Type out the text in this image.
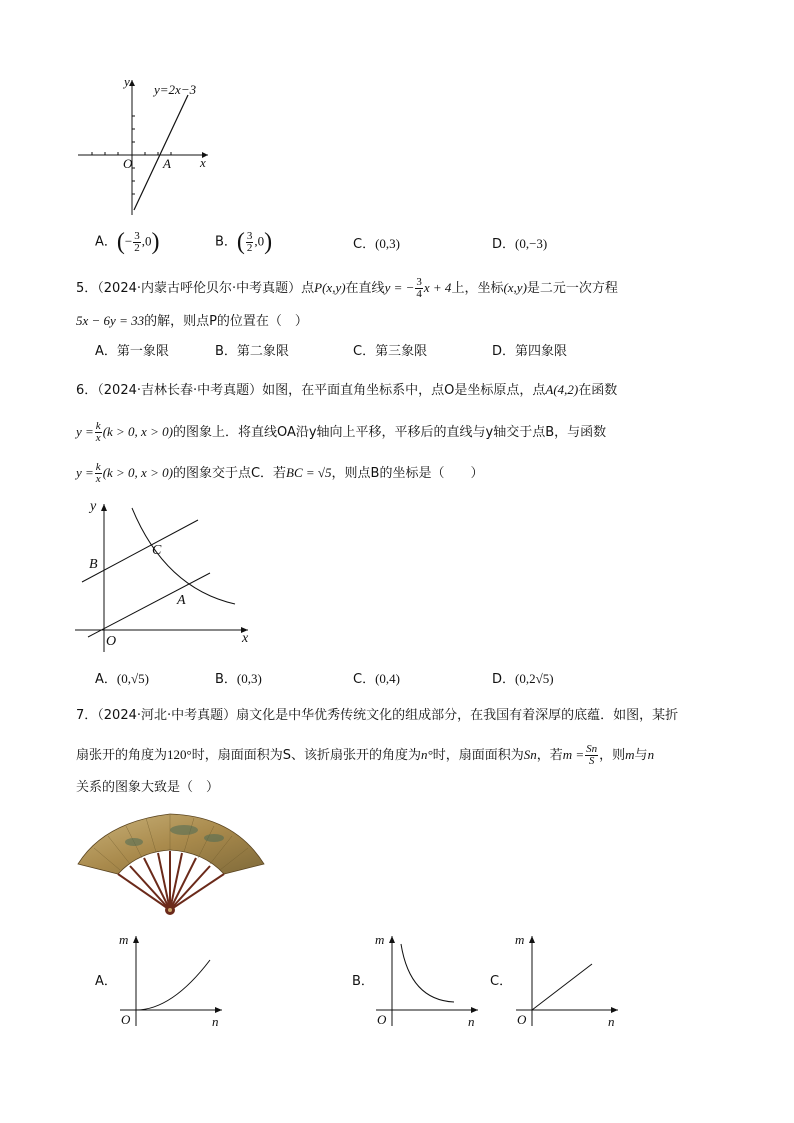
y=2x−3
y
x
O A
A．(− $\frac{3}{2} ,0$)	B．( $\frac{3}{2} ,0$)	C．(0,3)	D．(0,−3)
5．（2024·内蒙古呼伦贝尔·中考真题）点P(x,y)在直线y = − $\frac{3}{4}$ x + 4上，坐标(x,y)是二元一次方程
5x − 6y = 33的解，则点P的位置在（　）
A．第一象限	B．第二象限	C．第三象限	D．第四象限
6．（2024·吉林长春·中考真题）如图，在平面直角坐标系中，点O是坐标原点，点A(4,2)在函数
$y = \frac{k}{x} (k > 0$, x > 0)的图象上．将直线OA沿y轴向上平移，平移后的直线与y轴交于点B，与函数
$y = \frac{k}{x} (k > 0$, x > 0)的图象交于点C．若BC = √5，则点B的坐标是（　　）
y
x
O
A
B
C
A．(0,√5)	B．(0,3)	C．(0,4)	D．(0,2√5)
7．（2024·河北·中考真题）扇文化是中华优秀传统文化的组成部分，在我国有着深厚的底蕴．如图，某折
扇张开的角度为120°时，扇面面积为S、该折扇张开的角度为n°时，扇面面积为Sn，若$m = \frac{Sn}{S}$ ，则m与n
关系的图象大致是（　）
A．
m
O	n
B．
m
O	n
C．
m
O	n
